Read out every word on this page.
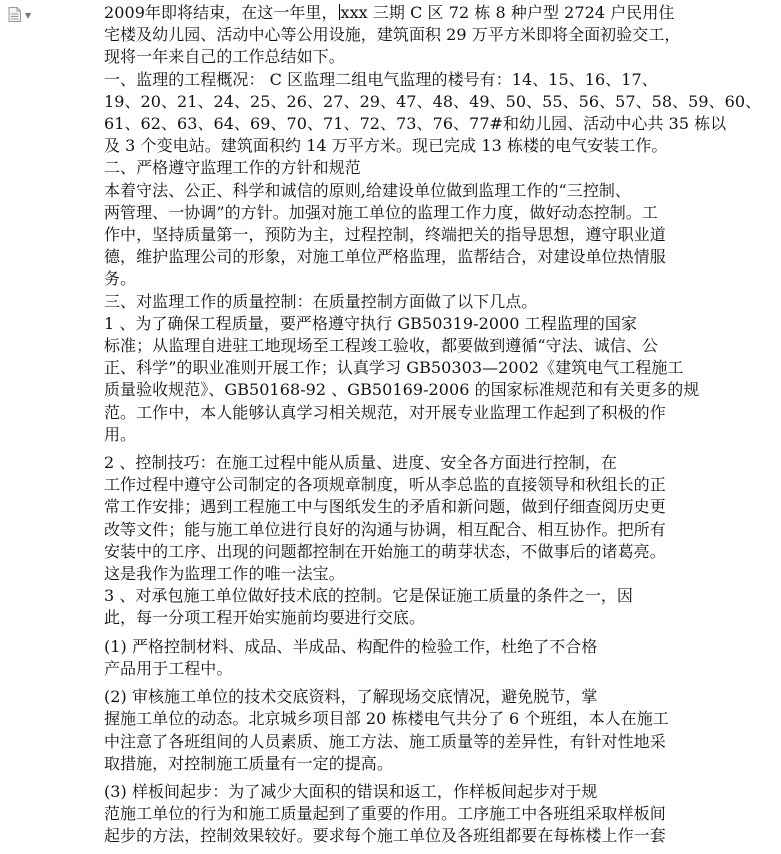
▼	2009年即将结束，在这一年里， xxx 三期 C 区 72 栋 8 种户型 2724 户民用住
宅楼及幼儿园、活动中心等公用设施，建筑面积 29 万平方米即将全面初验交工，
现将一年来自己的工作总结如下。
一、监理的工程概况： C 区监理二组电气监理的楼号有：14、15、16、17、
19、20、21、24、25、26、27、29、47、48、49、50、55、56、57、58、59、60、
61、62、63、64、69、70、71、72、73、76、77#和幼儿园、活动中心共 35 栋以
及 3 个变电站。建筑面积约 14 万平方米。现已完成 13 栋楼的电气安装工作。
二、严格遵守监理工作的方针和规范
本着守法、公正、科学和诚信的原则,给建设单位做到监理工作的“三控制、
两管理、一协调”的方针。加强对施工单位的监理工作力度，做好动态控制。工
作中，坚持质量第一，预防为主，过程控制，终端把关的指导思想，遵守职业道
德，维护监理公司的形象，对施工单位严格监理，监帮结合，对建设单位热情服
务。
三、对监理工作的质量控制：在质量控制方面做了以下几点。
1 、为了确保工程质量，要严格遵守执行 GB50319-2000 工程监理的国家
标准；从监理自进驻工地现场至工程竣工验收，都要做到遵循“守法、诚信、公
正、科学”的职业准则开展工作；认真学习 GB50303—2002《建筑电气工程施工
质量验收规范》、GB50168-92 、GB50169-2006 的国家标准规范和有关更多的规
范。工作中，本人能够认真学习相关规范，对开展专业监理工作起到了积极的作
用。
2 、控制技巧：在施工过程中能从质量、进度、安全各方面进行控制，在
工作过程中遵守公司制定的各项规章制度，听从李总监的直接领导和秋组长的正
常工作安排；遇到工程施工中与图纸发生的矛盾和新问题，做到仔细查阅历史更
改等文件；能与施工单位进行良好的沟通与协调，相互配合、相互协作。把所有
安装中的工序、出现的问题都控制在开始施工的萌芽状态，不做事后的诸葛亮。
这是我作为监理工作的唯一法宝。
3 、对承包施工单位做好技术底的控制。它是保证施工质量的条件之一，因
此，每一分项工程开始实施前均要进行交底。
(1) 严格控制材料、成品、半成品、构配件的检验工作，杜绝了不合格
产品用于工程中。
(2) 审核施工单位的技术交底资料，了解现场交底情况，避免脱节，掌
握施工单位的动态。北京城乡项目部 20 栋楼电气共分了 6 个班组，本人在施工
中注意了各班组间的人员素质、施工方法、施工质量等的差异性，有针对性地采
取措施，对控制施工质量有一定的提高。
(3) 样板间起步：为了减少大面积的错误和返工，作样板间起步对于规
范施工单位的行为和施工质量起到了重要的作用。工序施工中各班组采取样板间
起步的方法，控制效果较好。要求每个施工单位及各班组都要在每栋楼上作一套
